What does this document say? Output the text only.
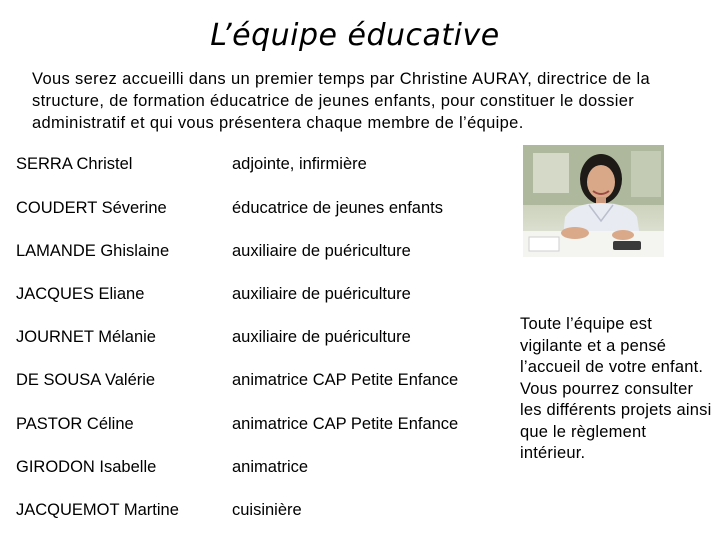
L’équipe éducative
Vous serez accueilli dans un premier temps par Christine AURAY, directrice de la structure, de formation éducatrice de jeunes enfants, pour constituer le dossier administratif et qui vous présentera chaque membre de l’équipe.
SERRA Christel	adjointe, infirmière
COUDERT Séverine	éducatrice de jeunes enfants
LAMANDE Ghislaine	auxiliaire de puériculture
JACQUES Eliane	auxiliaire de puériculture
JOURNET Mélanie	auxiliaire de puériculture
DE SOUSA Valérie	animatrice CAP Petite Enfance
PASTOR Céline	animatrice CAP Petite Enfance
GIRODON Isabelle	animatrice
JACQUEMOT Martine	cuisinière
Toute l’équipe est vigilante et a pensé l’accueil de votre enfant.
Vous pourrez consulter les différents projets ainsi que le règlement intérieur.
